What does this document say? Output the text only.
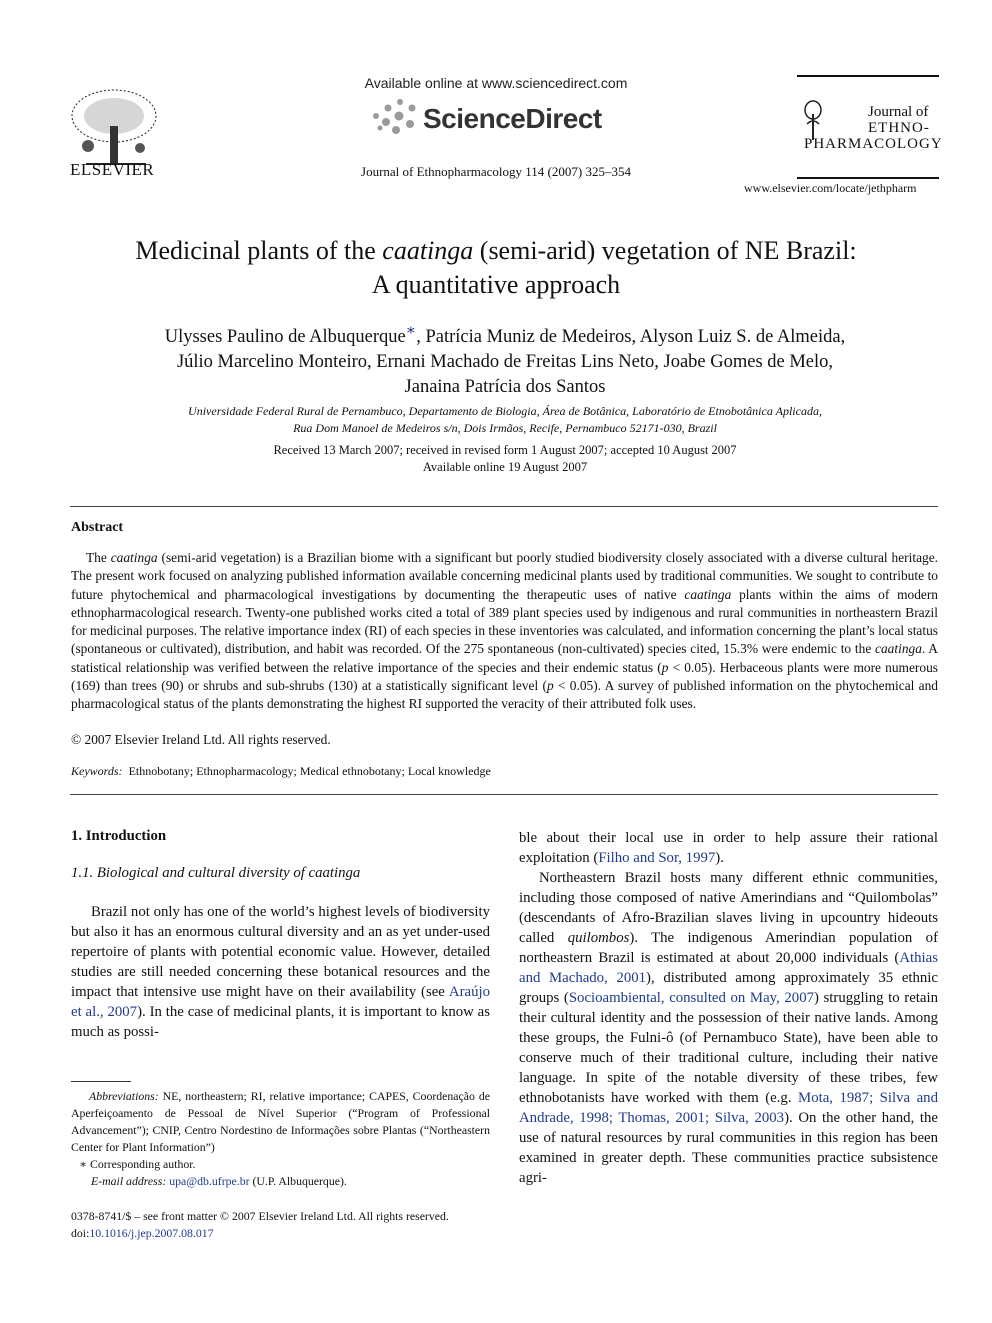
ELSEVIER
Available online at www.sciencedirect.com
ScienceDirect
Journal of Ethnopharmacology 114 (2007) 325–354
Journal of
ETHNO-
PHARMACOLOGY
www.elsevier.com/locate/jethpharm
Medicinal plants of the caatinga (semi-arid) vegetation of NE Brazil:
A quantitative approach
Ulysses Paulino de Albuquerque∗, Patrícia Muniz de Medeiros, Alyson Luiz S. de Almeida,
Júlio Marcelino Monteiro, Ernani Machado de Freitas Lins Neto, Joabe Gomes de Melo,
Janaina Patrícia dos Santos
Universidade Federal Rural de Pernambuco, Departamento de Biologia, Área de Botânica, Laboratório de Etnobotânica Aplicada,
Rua Dom Manoel de Medeiros s/n, Dois Irmãos, Recife, Pernambuco 52171-030, Brazil
Received 13 March 2007; received in revised form 1 August 2007; accepted 10 August 2007
Available online 19 August 2007
Abstract
The caatinga (semi-arid vegetation) is a Brazilian biome with a significant but poorly studied biodiversity closely associated with a diverse cultural heritage. The present work focused on analyzing published information available concerning medicinal plants used by traditional communities. We sought to contribute to future phytochemical and pharmacological investigations by documenting the therapeutic uses of native caatinga plants within the aims of modern ethnopharmacological research. Twenty-one published works cited a total of 389 plant species used by indigenous and rural communities in northeastern Brazil for medicinal purposes. The relative importance index (RI) of each species in these inventories was calculated, and information concerning the plant’s local status (spontaneous or cultivated), distribution, and habit was recorded. Of the 275 spontaneous (non-cultivated) species cited, 15.3% were endemic to the caatinga. A statistical relationship was verified between the relative importance of the species and their endemic status (p < 0.05). Herbaceous plants were more numerous (169) than trees (90) or shrubs and sub-shrubs (130) at a statistically significant level (p < 0.05). A survey of published information on the phytochemical and pharmacological status of the plants demonstrating the highest RI supported the veracity of their attributed folk uses.
© 2007 Elsevier Ireland Ltd. All rights reserved.
Keywords: Ethnobotany; Ethnopharmacology; Medical ethnobotany; Local knowledge
1. Introduction
1.1. Biological and cultural diversity of caatinga
Brazil not only has one of the world’s highest levels of biodiversity but also it has an enormous cultural diversity and an as yet under-used repertoire of plants with potential economic value. However, detailed studies are still needed concerning these botanical resources and the impact that intensive use might have on their availability (see Araújo et al., 2007). In the case of medicinal plants, it is important to know as much as possi-
ble about their local use in order to help assure their rational exploitation (Filho and Sor, 1997).
Northeastern Brazil hosts many different ethnic communities, including those composed of native Amerindians and “Quilombolas” (descendants of Afro-Brazilian slaves living in upcountry hideouts called quilombos). The indigenous Amerindian population of northeastern Brazil is estimated at about 20,000 individuals (Athias and Machado, 2001), distributed among approximately 35 ethnic groups (Socioambiental, consulted on May, 2007) struggling to retain their cultural identity and the possession of their native lands. Among these groups, the Fulni-ô (of Pernambuco State), have been able to conserve much of their traditional culture, including their native language. In spite of the notable diversity of these tribes, few ethnobotanists have worked with them (e.g. Mota, 1987; Silva and Andrade, 1998; Thomas, 2001; Silva, 2003). On the other hand, the use of natural resources by rural communities in this region has been examined in greater depth. These communities practice subsistence agri-

Abbreviations: NE, northeastern; RI, relative importance; CAPES, Coordenação de Aperfeiçoamento de Pessoal de Nível Superior (“Program of Professional Advancement”); CNIP, Centro Nordestino de Informações sobre Plantas (“Northeastern Center for Plant Information”)

∗ Corresponding author.

E-mail address: upa@db.ufrpe.br (U.P. Albuquerque).

0378-8741/$ – see front matter © 2007 Elsevier Ireland Ltd. All rights reserved.
doi:10.1016/j.jep.2007.08.017
